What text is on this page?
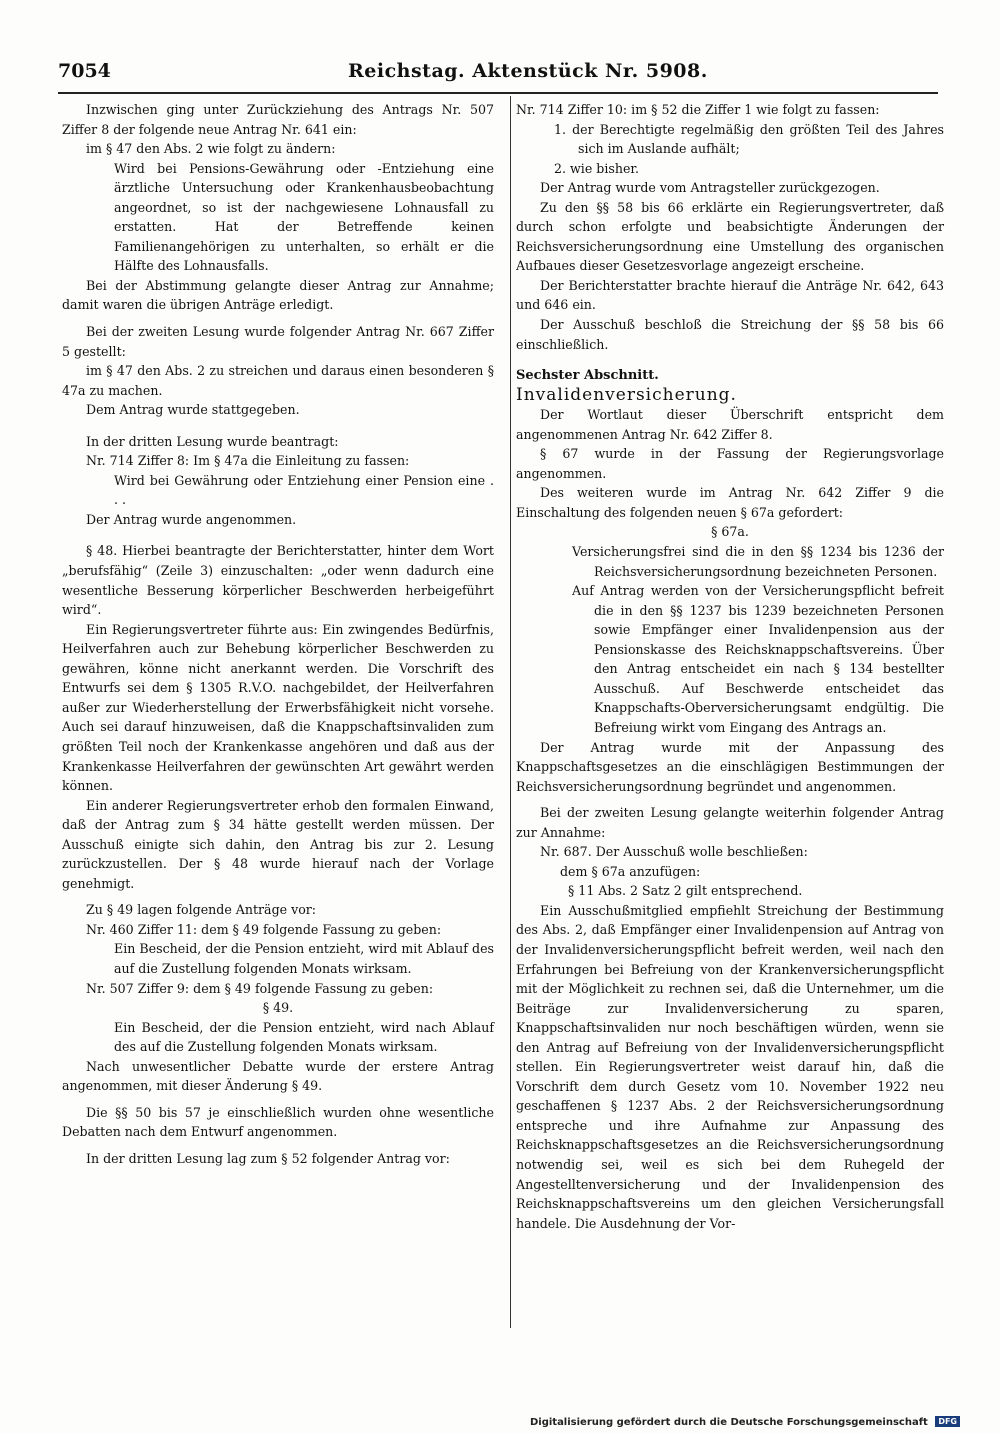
7054	Reichstag. Aktenstück Nr. 5908.

Inzwischen ging unter Zurückziehung des Antrags Nr. 507 Ziffer 8 der folgende neue Antrag Nr. 641 ein:

im § 47 den Abs. 2 wie folgt zu ändern:

Wird bei Pensions-Gewährung oder -Entziehung eine ärztliche Untersuchung oder Krankenhausbeobachtung angeordnet, so ist der nachgewiesene Lohnausfall zu erstatten. Hat der Betreffende keinen Familienangehörigen zu unterhalten, so erhält er die Hälfte des Lohnausfalls.

Bei der Abstimmung gelangte dieser Antrag zur Annahme; damit waren die übrigen Anträge erledigt.

Bei der zweiten Lesung wurde folgender Antrag Nr. 667 Ziffer 5 gestellt:

im § 47 den Abs. 2 zu streichen und daraus einen besonderen § 47a zu machen.

Dem Antrag wurde stattgegeben.

In der dritten Lesung wurde beantragt:

Nr. 714 Ziffer 8: Im § 47a die Einleitung zu fassen:

Wird bei Gewährung oder Entziehung einer Pension eine . . .

Der Antrag wurde angenommen.

§ 48. Hierbei beantragte der Berichterstatter, hinter dem Wort „berufsfähig“ (Zeile 3) einzuschalten: „oder wenn dadurch eine wesentliche Besserung körperlicher Beschwerden herbeigeführt wird“.

Ein Regierungsvertreter führte aus: Ein zwingendes Bedürfnis, Heilverfahren auch zur Behebung körperlicher Beschwerden zu gewähren, könne nicht anerkannt werden. Die Vorschrift des Entwurfs sei dem § 1305 R.V.O. nachgebildet, der Heilverfahren außer zur Wiederherstellung der Erwerbsfähigkeit nicht vorsehe. Auch sei darauf hinzuweisen, daß die Knappschaftsinvaliden zum größten Teil noch der Krankenkasse angehören und daß aus der Krankenkasse Heilverfahren der gewünschten Art gewährt werden können.

Ein anderer Regierungsvertreter erhob den formalen Einwand, daß der Antrag zum § 34 hätte gestellt werden müssen. Der Ausschuß einigte sich dahin, den Antrag bis zur 2. Lesung zurückzustellen. Der § 48 wurde hierauf nach der Vorlage genehmigt.

Zu § 49 lagen folgende Anträge vor:

Nr. 460 Ziffer 11: dem § 49 folgende Fassung zu geben:

Ein Bescheid, der die Pension entzieht, wird mit Ablauf des auf die Zustellung folgenden Monats wirksam.

Nr. 507 Ziffer 9: dem § 49 folgende Fassung zu geben:

§ 49.

Ein Bescheid, der die Pension entzieht, wird nach Ablauf des auf die Zustellung folgenden Monats wirksam.

Nach unwesentlicher Debatte wurde der erstere Antrag angenommen, mit dieser Änderung § 49.

Die §§ 50 bis 57 je einschließlich wurden ohne wesentliche Debatten nach dem Entwurf angenommen.

In der dritten Lesung lag zum § 52 folgender Antrag vor:

Nr. 714 Ziffer 10: im § 52 die Ziffer 1 wie folgt zu fassen:

1. der Berechtigte regelmäßig den größten Teil des Jahres sich im Auslande aufhält;

2. wie bisher.

Der Antrag wurde vom Antragsteller zurückgezogen.

Zu den §§ 58 bis 66 erklärte ein Regierungsvertreter, daß durch schon erfolgte und beabsichtigte Änderungen der Reichsversicherungsordnung eine Umstellung des organischen Aufbaues dieser Gesetzesvorlage angezeigt erscheine.

Der Berichterstatter brachte hierauf die Anträge Nr. 642, 643 und 646 ein.

Der Ausschuß beschloß die Streichung der §§ 58 bis 66 einschließlich.

Sechster Abschnitt.

Invalidenversicherung.

Der Wortlaut dieser Überschrift entspricht dem angenommenen Antrag Nr. 642 Ziffer 8.

§ 67 wurde in der Fassung der Regierungsvorlage angenommen.

Des weiteren wurde im Antrag Nr. 642 Ziffer 9 die Einschaltung des folgenden neuen § 67a gefordert:

§ 67a.

Versicherungsfrei sind die in den §§ 1234 bis 1236 der Reichsversicherungsordnung bezeichneten Personen.

Auf Antrag werden von der Versicherungspflicht befreit die in den §§ 1237 bis 1239 bezeichneten Personen sowie Empfänger einer Invalidenpension aus der Pensionskasse des Reichsknappschaftsvereins. Über den Antrag entscheidet ein nach § 134 bestellter Ausschuß. Auf Beschwerde entscheidet das Knappschafts-Oberversicherungsamt endgültig. Die Befreiung wirkt vom Eingang des Antrags an.

Der Antrag wurde mit der Anpassung des Knappschaftsgesetzes an die einschlägigen Bestimmungen der Reichsversicherungsordnung begründet und angenommen.

Bei der zweiten Lesung gelangte weiterhin folgender Antrag zur Annahme:

Nr. 687. Der Ausschuß wolle beschließen:

dem § 67a anzufügen:

§ 11 Abs. 2 Satz 2 gilt entsprechend.

Ein Ausschußmitglied empfiehlt Streichung der Bestimmung des Abs. 2, daß Empfänger einer Invalidenpension auf Antrag von der Invalidenversicherungspflicht befreit werden, weil nach den Erfahrungen bei Befreiung von der Krankenversicherungspflicht mit der Möglichkeit zu rechnen sei, daß die Unternehmer, um die Beiträge zur Invalidenversicherung zu sparen, Knappschaftsinvaliden nur noch beschäftigen würden, wenn sie den Antrag auf Befreiung von der Invalidenversicherungspflicht stellen. Ein Regierungsvertreter weist darauf hin, daß die Vorschrift dem durch Gesetz vom 10. November 1922 neu geschaffenen § 1237 Abs. 2 der Reichsversicherungsordnung entspreche und ihre Aufnahme zur Anpassung des Reichsknappschaftsgesetzes an die Reichsversicherungsordnung notwendig sei, weil es sich bei dem Ruhegeld der Angestelltenversicherung und der Invalidenpension des Reichsknappschaftsvereins um den gleichen Versicherungsfall handele. Die Ausdehnung der Vor-

Digitalisierung gefördert durch die Deutsche Forschungsgemeinschaft DFG
